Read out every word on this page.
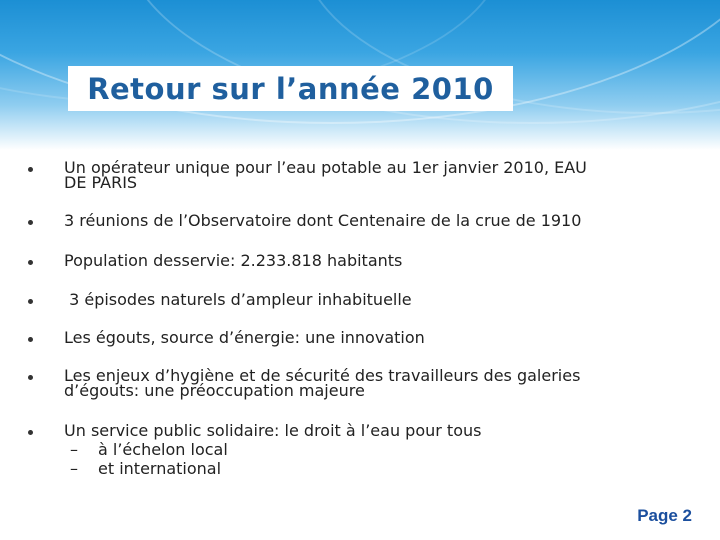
Retour sur l’année 2010
Un opérateur unique pour l’eau potable au 1er janvier 2010, EAU
DE PARIS
3 réunions de l’Observatoire dont Centenaire de la crue de 1910
Population desservie: 2.233.818 habitants
3 épisodes naturels d’ampleur inhabituelle
Les égouts, source d’énergie: une innovation
Les enjeux d’hygiène et de sécurité des travailleurs des galeries
d’égouts: une préoccupation majeure
Un service public solidaire: le droit à l’eau pour tous
– à l’échelon local
– et international
Page 2
